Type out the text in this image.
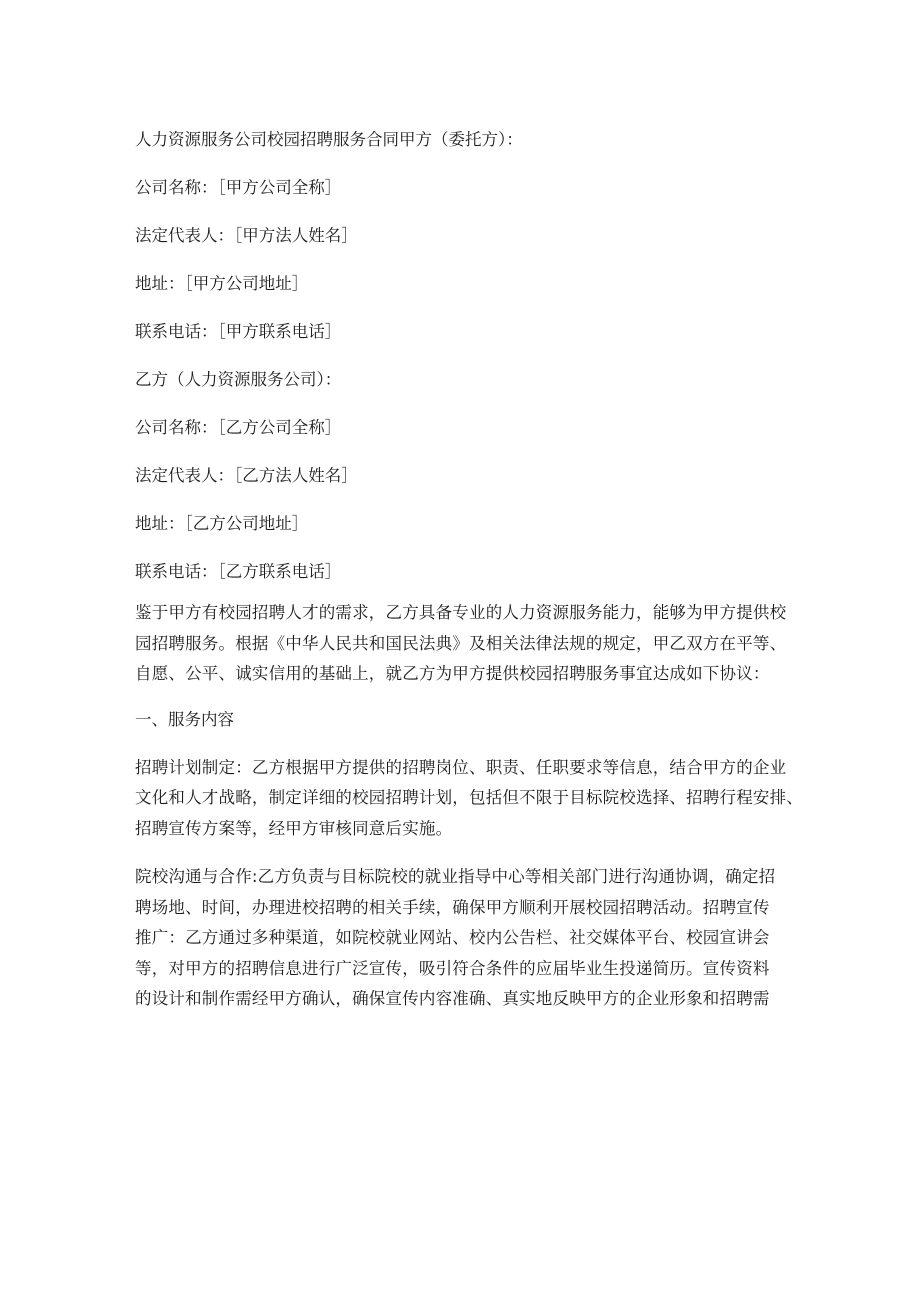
人力资源服务公司校园招聘服务合同甲方（委托方）：
公司名称：［甲方公司全称］
法定代表人：［甲方法人姓名］
地址：［甲方公司地址］
联系电话：［甲方联系电话］
乙方（人力资源服务公司）：
公司名称：［乙方公司全称］
法定代表人：［乙方法人姓名］
地址：［乙方公司地址］
联系电话：［乙方联系电话］
鉴于甲方有校园招聘人才的需求，乙方具备专业的人力资源服务能力，能够为甲方提供校
园招聘服务。根据《中华人民共和国民法典》及相关法律法规的规定，甲乙双方在平等、
自愿、公平、诚实信用的基础上，就乙方为甲方提供校园招聘服务事宜达成如下协议：
一、服务内容
招聘计划制定：乙方根据甲方提供的招聘岗位、职责、任职要求等信息，结合甲方的企业
文化和人才战略，制定详细的校园招聘计划，包括但不限于目标院校选择、招聘行程安排、
招聘宣传方案等，经甲方审核同意后实施。
院校沟通与合作:乙方负责与目标院校的就业指导中心等相关部门进行沟通协调，确定招
聘场地、时间，办理进校招聘的相关手续，确保甲方顺利开展校园招聘活动。招聘宣传
推广：乙方通过多种渠道，如院校就业网站、校内公告栏、社交媒体平台、校园宣讲会
等，对甲方的招聘信息进行广泛宣传，吸引符合条件的应届毕业生投递简历。宣传资料
的设计和制作需经甲方确认，确保宣传内容准确、真实地反映甲方的企业形象和招聘需
